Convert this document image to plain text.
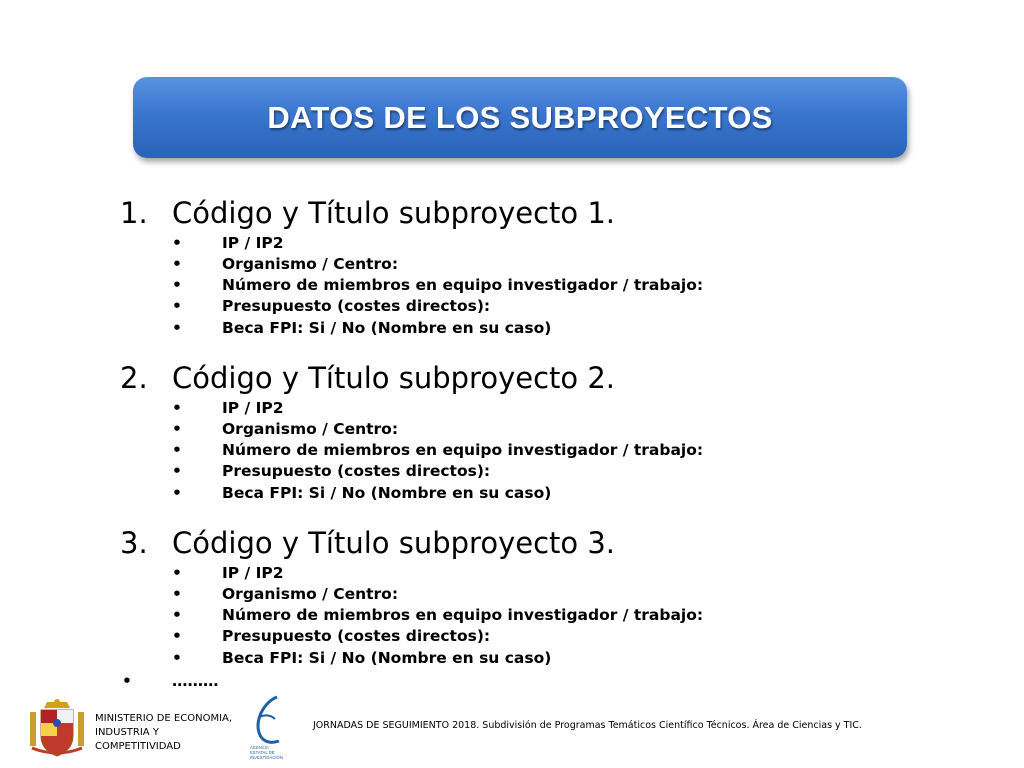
DATOS DE LOS SUBPROYECTOS
1. Código y Título subproyecto 1.
•	IP / IP2
•	Organismo / Centro:
•	Número de miembros en equipo investigador / trabajo:
•	Presupuesto (costes directos):
•	Beca FPI: Si / No (Nombre en su caso)
2. Código y Título subproyecto 2.
•	IP / IP2
•	Organismo / Centro:
•	Número de miembros en equipo investigador / trabajo:
•	Presupuesto (costes directos):
•	Beca FPI: Si / No (Nombre en su caso)
3. Código y Título subproyecto 3.
•	IP / IP2
•	Organismo / Centro:
•	Número de miembros en equipo investigador / trabajo:
•	Presupuesto (costes directos):
•	Beca FPI: Si / No (Nombre en su caso)
•	………
MINISTERIO DE ECONOMIA,
INDUSTRIA Y
COMPETITIVIDAD	AGENCIA
ESTATAL DE
INVESTIGACIÓN
JORNADAS DE SEGUIMIENTO 2018. Subdivisión de Programas Temáticos Científico Técnicos. Área de Ciencias y TIC.
